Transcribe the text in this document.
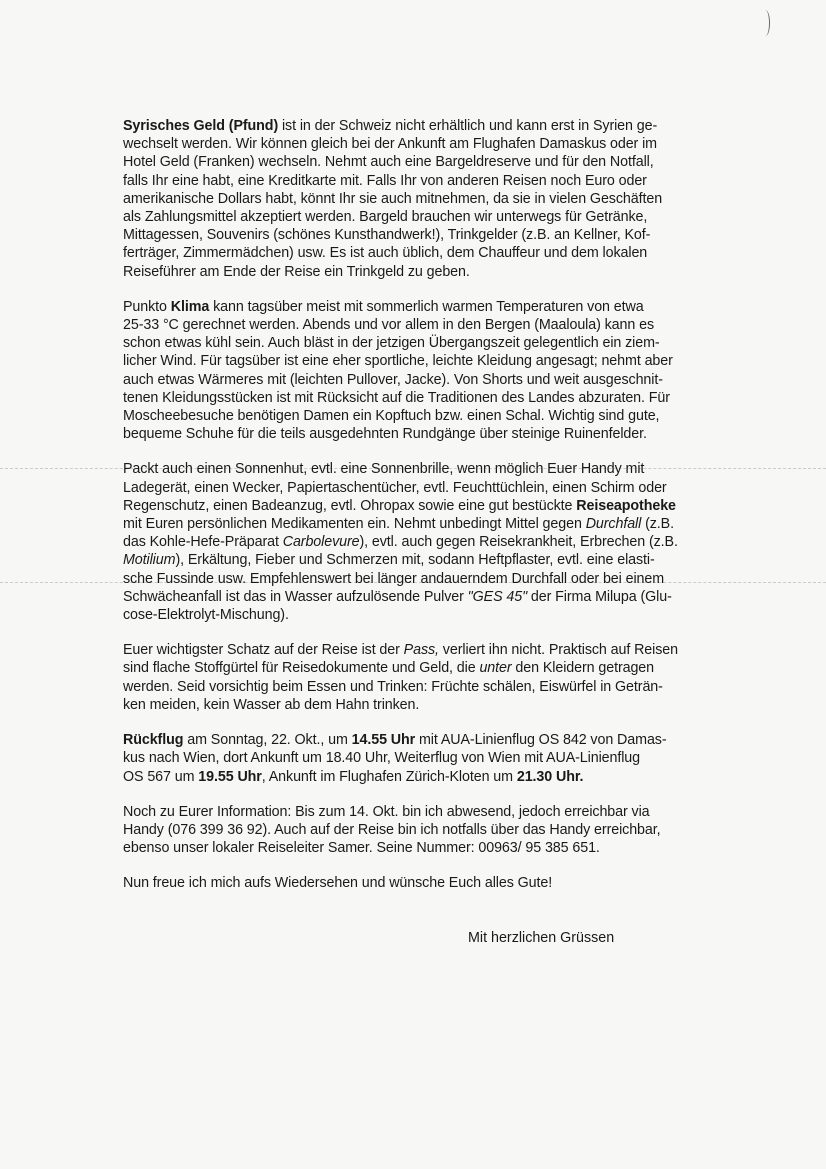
Syrisches Geld (Pfund) ist in der Schweiz nicht erhältlich und kann erst in Syrien ge-
wechselt werden. Wir können gleich bei der Ankunft am Flughafen Damaskus oder im
Hotel Geld (Franken) wechseln. Nehmt auch eine Bargeldreserve und für den Notfall,
falls Ihr eine habt, eine Kreditkarte mit. Falls Ihr von anderen Reisen noch Euro oder
amerikanische Dollars habt, könnt Ihr sie auch mitnehmen, da sie in vielen Geschäften
als Zahlungsmittel akzeptiert werden. Bargeld brauchen wir unterwegs für Getränke,
Mittagessen, Souvenirs (schönes Kunsthandwerk!), Trinkgelder (z.B. an Kellner, Kof-
ferträger, Zimmermädchen) usw. Es ist auch üblich, dem Chauffeur und dem lokalen
Reiseführer am Ende der Reise ein Trinkgeld zu geben.
Punkto Klima kann tagsüber meist mit sommerlich warmen Temperaturen von etwa
25-33 °C gerechnet werden. Abends und vor allem in den Bergen (Maaloula) kann es
schon etwas kühl sein. Auch bläst in der jetzigen Übergangszeit gelegentlich ein ziem-
licher Wind. Für tagsüber ist eine eher sportliche, leichte Kleidung angesagt; nehmt aber
auch etwas Wärmeres mit (leichten Pullover, Jacke). Von Shorts und weit ausgeschnit-
tenen Kleidungsstücken ist mit Rücksicht auf die Traditionen des Landes abzuraten. Für
Moscheebesuche benötigen Damen ein Kopftuch bzw. einen Schal. Wichtig sind gute,
bequeme Schuhe für die teils ausgedehnten Rundgänge über steinige Ruinenfelder.
Packt auch einen Sonnenhut, evtl. eine Sonnenbrille, wenn möglich Euer Handy mit
Ladegerät, einen Wecker, Papiertaschentücher, evtl. Feuchttüchlein, einen Schirm oder
Regenschutz, einen Badeanzug, evtl. Ohropax sowie eine gut bestückte Reiseapotheke
mit Euren persönlichen Medikamenten ein. Nehmt unbedingt Mittel gegen Durchfall (z.B.
das Kohle-Hefe-Präparat Carbolevure), evtl. auch gegen Reisekrankheit, Erbrechen (z.B.
Motilium), Erkältung, Fieber und Schmerzen mit, sodann Heftpflaster, evtl. eine elasti-
sche Fussinde usw. Empfehlenswert bei länger andauerndem Durchfall oder bei einem
Schwächeanfall ist das in Wasser aufzulösende Pulver "GES 45" der Firma Milupa (Glu-
cose-Elektrolyt-Mischung).
Euer wichtigster Schatz auf der Reise ist der Pass, verliert ihn nicht. Praktisch auf Reisen
sind flache Stoffgürtel für Reisedokumente und Geld, die unter den Kleidern getragen
werden. Seid vorsichtig beim Essen und Trinken: Früchte schälen, Eiswürfel in Geträn-
ken meiden, kein Wasser ab dem Hahn trinken.
Rückflug am Sonntag, 22. Okt., um 14.55 Uhr mit AUA-Linienflug OS 842 von Damas-
kus nach Wien, dort Ankunft um 18.40 Uhr, Weiterflug von Wien mit AUA-Linienflug
OS 567 um 19.55 Uhr, Ankunft im Flughafen Zürich-Kloten um 21.30 Uhr.
Noch zu Eurer Information: Bis zum 14. Okt. bin ich abwesend, jedoch erreichbar via
Handy (076 399 36 92). Auch auf der Reise bin ich notfalls über das Handy erreichbar,
ebenso unser lokaler Reiseleiter Samer. Seine Nummer: 00963/ 95 385 651.
Nun freue ich mich aufs Wiedersehen und wünsche Euch alles Gute!
Mit herzlichen Grüssen
